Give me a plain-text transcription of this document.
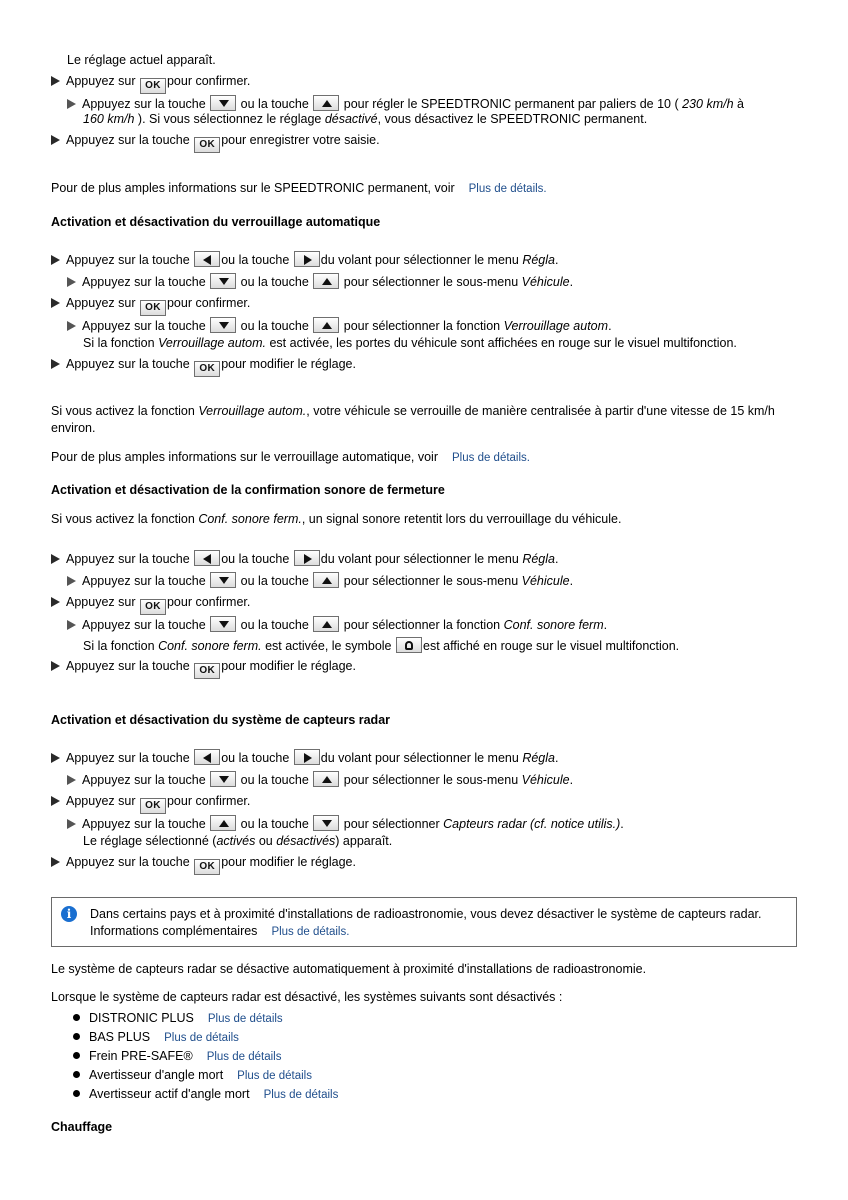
Le réglage actuel apparaît.
Appuyez sur OK pour confirmer.
Appuyez sur la touche	ou la touche	pour régler le SPEEDTRONIC permanent par paliers de 10 ( 230 km/h à
160 km/h ). Si vous sélectionnez le réglage désactivé, vous désactivez le SPEEDTRONIC permanent.
Appuyez sur la touche OK pour enregistrer votre saisie.
Pour de plus amples informations sur le SPEEDTRONIC permanent, voir Plus de détails.
Activation et désactivation du verrouillage automatique
Appuyez sur la touche	ou la touche	du volant pour sélectionner le menu Régla.
Appuyez sur la touche	ou la touche	pour sélectionner le sous-menu Véhicule.
Appuyez sur OK pour confirmer.
Appuyez sur la touche	ou la touche	pour sélectionner la fonction Verrouillage autom.
Si la fonction Verrouillage autom. est activée, les portes du véhicule sont affichées en rouge sur le visuel multifonction.
Appuyez sur la touche OK pour modifier le réglage.
Si vous activez la fonction Verrouillage autom., votre véhicule se verrouille de manière centralisée à partir d'une vitesse de 15 km/h
environ.
Pour de plus amples informations sur le verrouillage automatique, voir Plus de détails.
Activation et désactivation de la confirmation sonore de fermeture
Si vous activez la fonction Conf. sonore ferm., un signal sonore retentit lors du verrouillage du véhicule.
Appuyez sur la touche	ou la touche	du volant pour sélectionner le menu Régla.
Appuyez sur la touche	ou la touche	pour sélectionner le sous-menu Véhicule.
Appuyez sur OK pour confirmer.
Appuyez sur la touche	ou la touche	pour sélectionner la fonction Conf. sonore ferm.
Si la fonction Conf. sonore ferm. est activée, le symbole	est affiché en rouge sur le visuel multifonction.
Appuyez sur la touche OK pour modifier le réglage.
Activation et désactivation du système de capteurs radar
Appuyez sur la touche	ou la touche	du volant pour sélectionner le menu Régla.
Appuyez sur la touche	ou la touche	pour sélectionner le sous-menu Véhicule.
Appuyez sur OK pour confirmer.
Appuyez sur la touche	ou la touche	pour sélectionner Capteurs radar (cf. notice utilis.).
Le réglage sélectionné (activés ou désactivés) apparaît.
Appuyez sur la touche OK pour modifier le réglage.
i	Dans certains pays et à proximité d'installations de radioastronomie, vous devez désactiver le système de capteurs radar.
Informations complémentaires Plus de détails.
Le système de capteurs radar se désactive automatiquement à proximité d'installations de radioastronomie.
Lorsque le système de capteurs radar est désactivé, les systèmes suivants sont désactivés :
DISTRONIC PLUS Plus de détails
BAS PLUS Plus de détails
Frein PRE-SAFE® Plus de détails
Avertisseur d'angle mort Plus de détails
Avertisseur actif d'angle mort Plus de détails
Chauffage
